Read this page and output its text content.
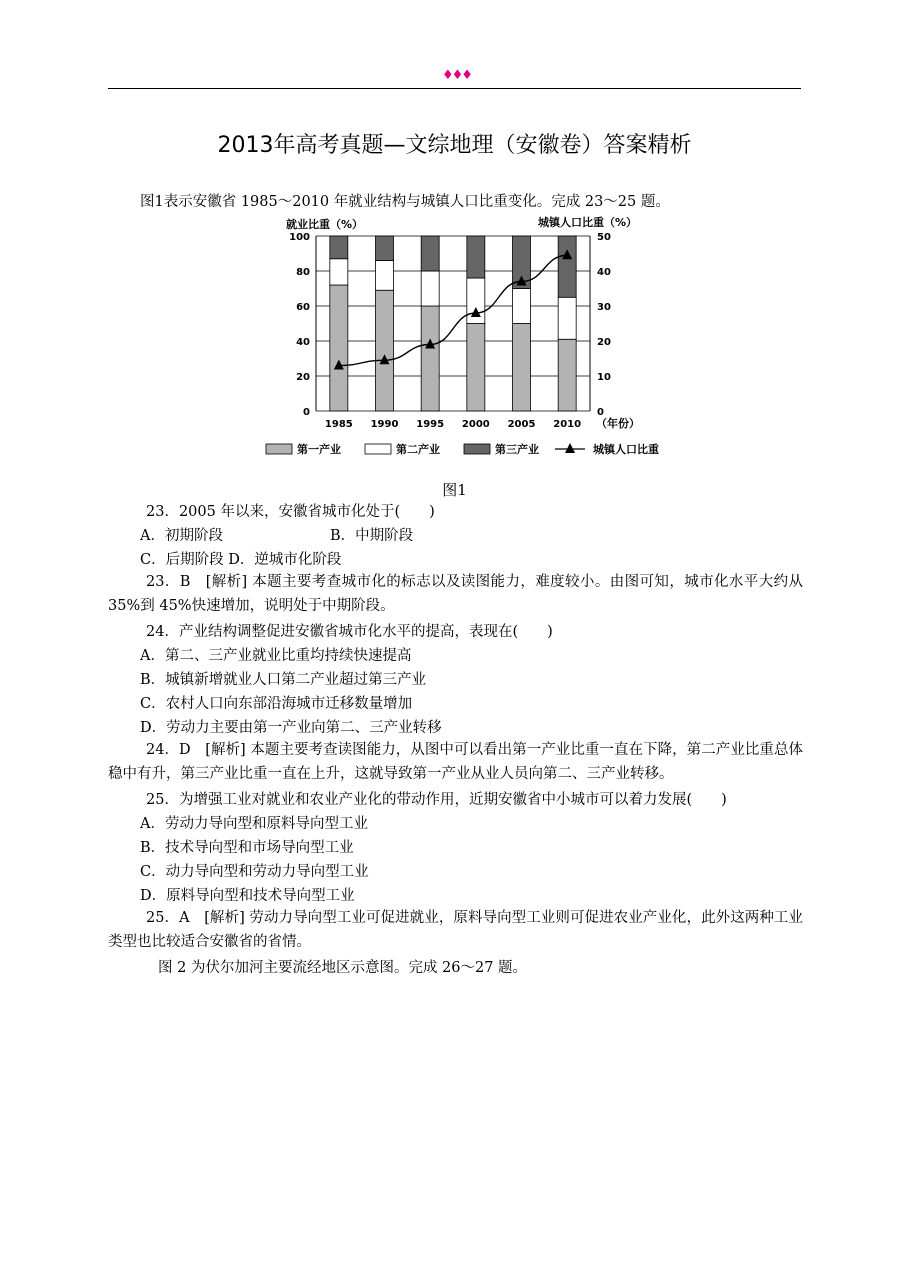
♦♦♦
2013年高考真题—文综地理（安徽卷）答案精析
图1表示安徽省 1985～2010 年就业结构与城镇人口比重变化。完成 23～25 题。
1985 1990 1995 2000 2005 2010 （年份）
0
20
40
60
80
100
0
10
20
30
40
50
就业比重（%）	城镇人口比重（%）
第一产业	第二产业	第三产业	城镇人口比重
图1
23．2005 年以来，安徽省城市化处于(　　)
A．初期阶段	B．中期阶段
C．后期阶段 D．逆城市化阶段
23．B　[解析] 本题主要考查城市化的标志以及读图能力，难度较小。由图可知，城市化水平大约从 35%到 45%快速增加，说明处于中期阶段。
24．产业结构调整促进安徽省城市化水平的提高，表现在(　　)
A．第二、三产业就业比重均持续快速提高
B．城镇新增就业人口第二产业超过第三产业
C．农村人口向东部沿海城市迁移数量增加
D．劳动力主要由第一产业向第二、三产业转移
24．D　[解析] 本题主要考查读图能力，从图中可以看出第一产业比重一直在下降，第二产业比重总体稳中有升，第三产业比重一直在上升，这就导致第一产业从业人员向第二、三产业转移。
25．为增强工业对就业和农业产业化的带动作用，近期安徽省中小城市可以着力发展(　　)
A．劳动力导向型和原料导向型工业
B．技术导向型和市场导向型工业
C．动力导向型和劳动力导向型工业
D．原料导向型和技术导向型工业
25．A　[解析] 劳动力导向型工业可促进就业，原料导向型工业则可促进农业产业化，此外这两种工业类型也比较适合安徽省的省情。
图 2 为伏尔加河主要流经地区示意图。完成 26～27 题。
